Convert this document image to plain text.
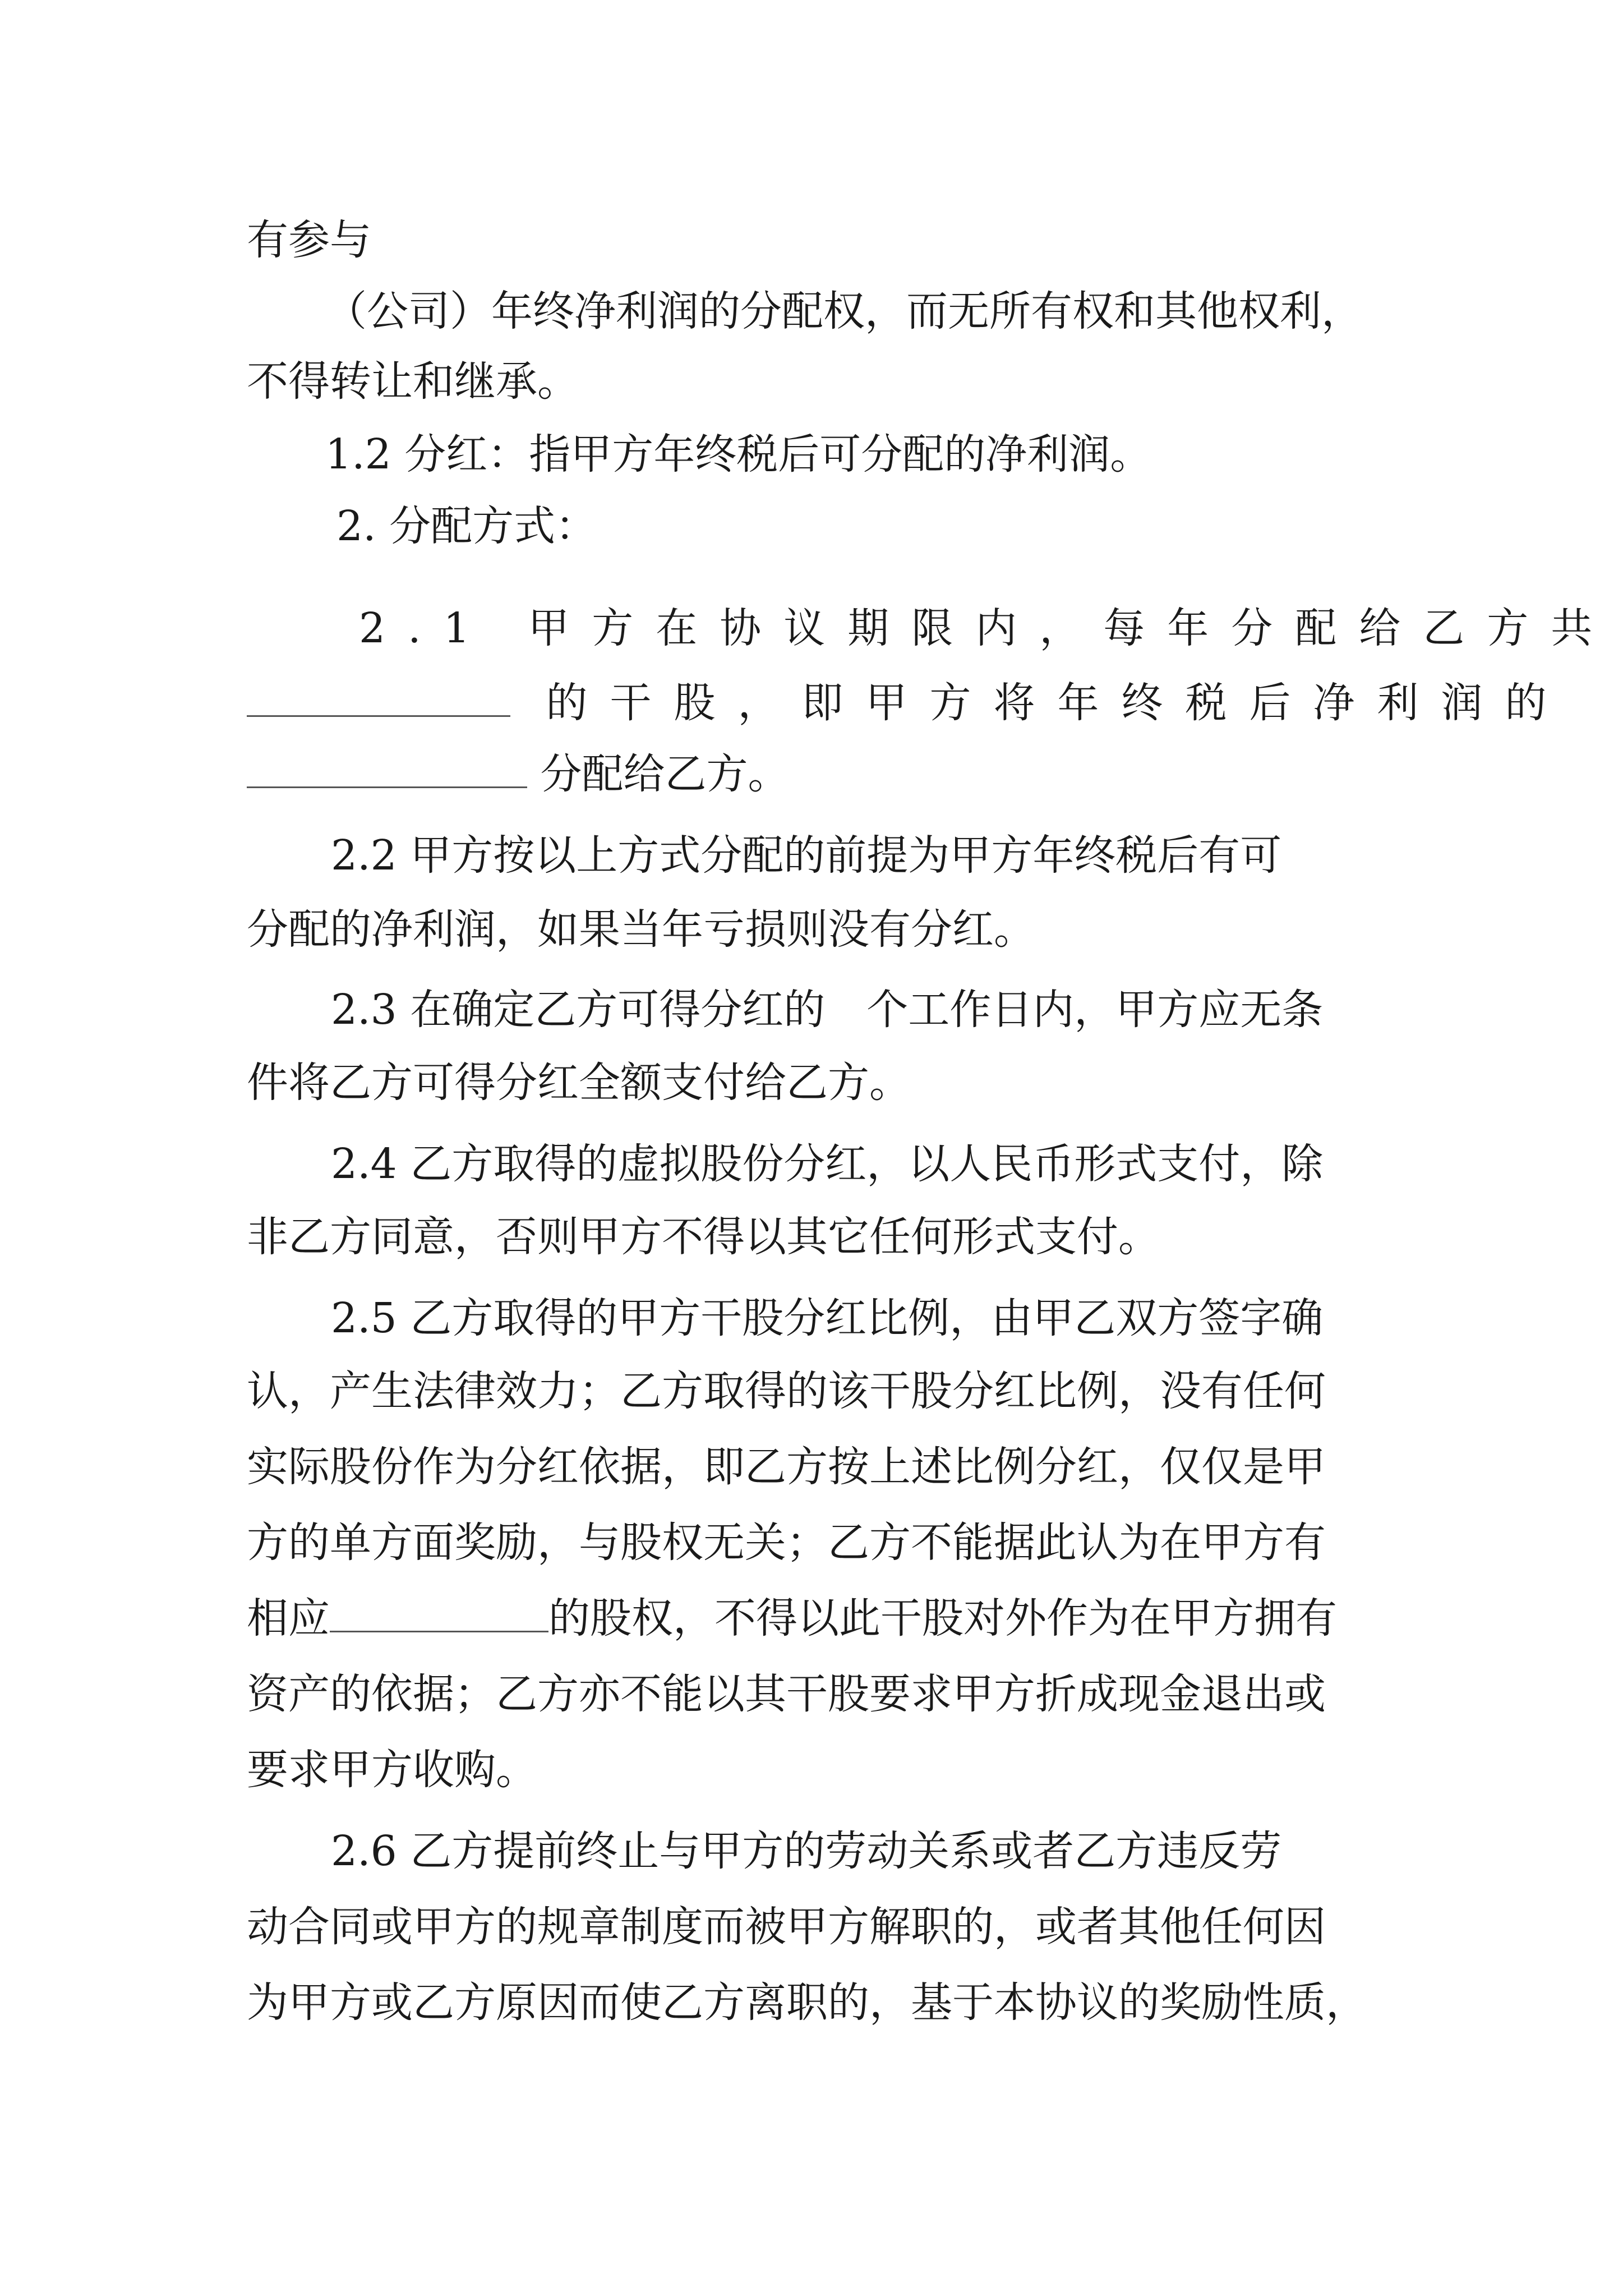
有参与
（公司）年终净利润的分配权，而无所有权和其他权利，
不得转让和继承。
1.2 分红：指甲方年终税后可分配的净利润。
2. 分配方式：
2.1 甲方在协议期限内，每年分配给乙方共
的干股，即甲方将年终税后净利润的
分配给乙方。
2.2 甲方按以上方式分配的前提为甲方年终税后有可
分配的净利润，如果当年亏损则没有分红。
2.3 在确定乙方可得分红的 个工作日内，甲方应无条
件将乙方可得分红全额支付给乙方。
2.4 乙方取得的虚拟股份分红，以人民币形式支付，除
非乙方同意，否则甲方不得以其它任何形式支付。
2.5 乙方取得的甲方干股分红比例，由甲乙双方签字确
认，产生法律效力；乙方取得的该干股分红比例，没有任何
实际股份作为分红依据，即乙方按上述比例分红，仅仅是甲
方的单方面奖励，与股权无关；乙方不能据此认为在甲方有
相应	的股权，不得以此干股对外作为在甲方拥有
资产的依据；乙方亦不能以其干股要求甲方折成现金退出或
要求甲方收购。
2.6 乙方提前终止与甲方的劳动关系或者乙方违反劳
动合同或甲方的规章制度而被甲方解职的，或者其他任何因
为甲方或乙方原因而使乙方离职的，基于本协议的奖励性质，
